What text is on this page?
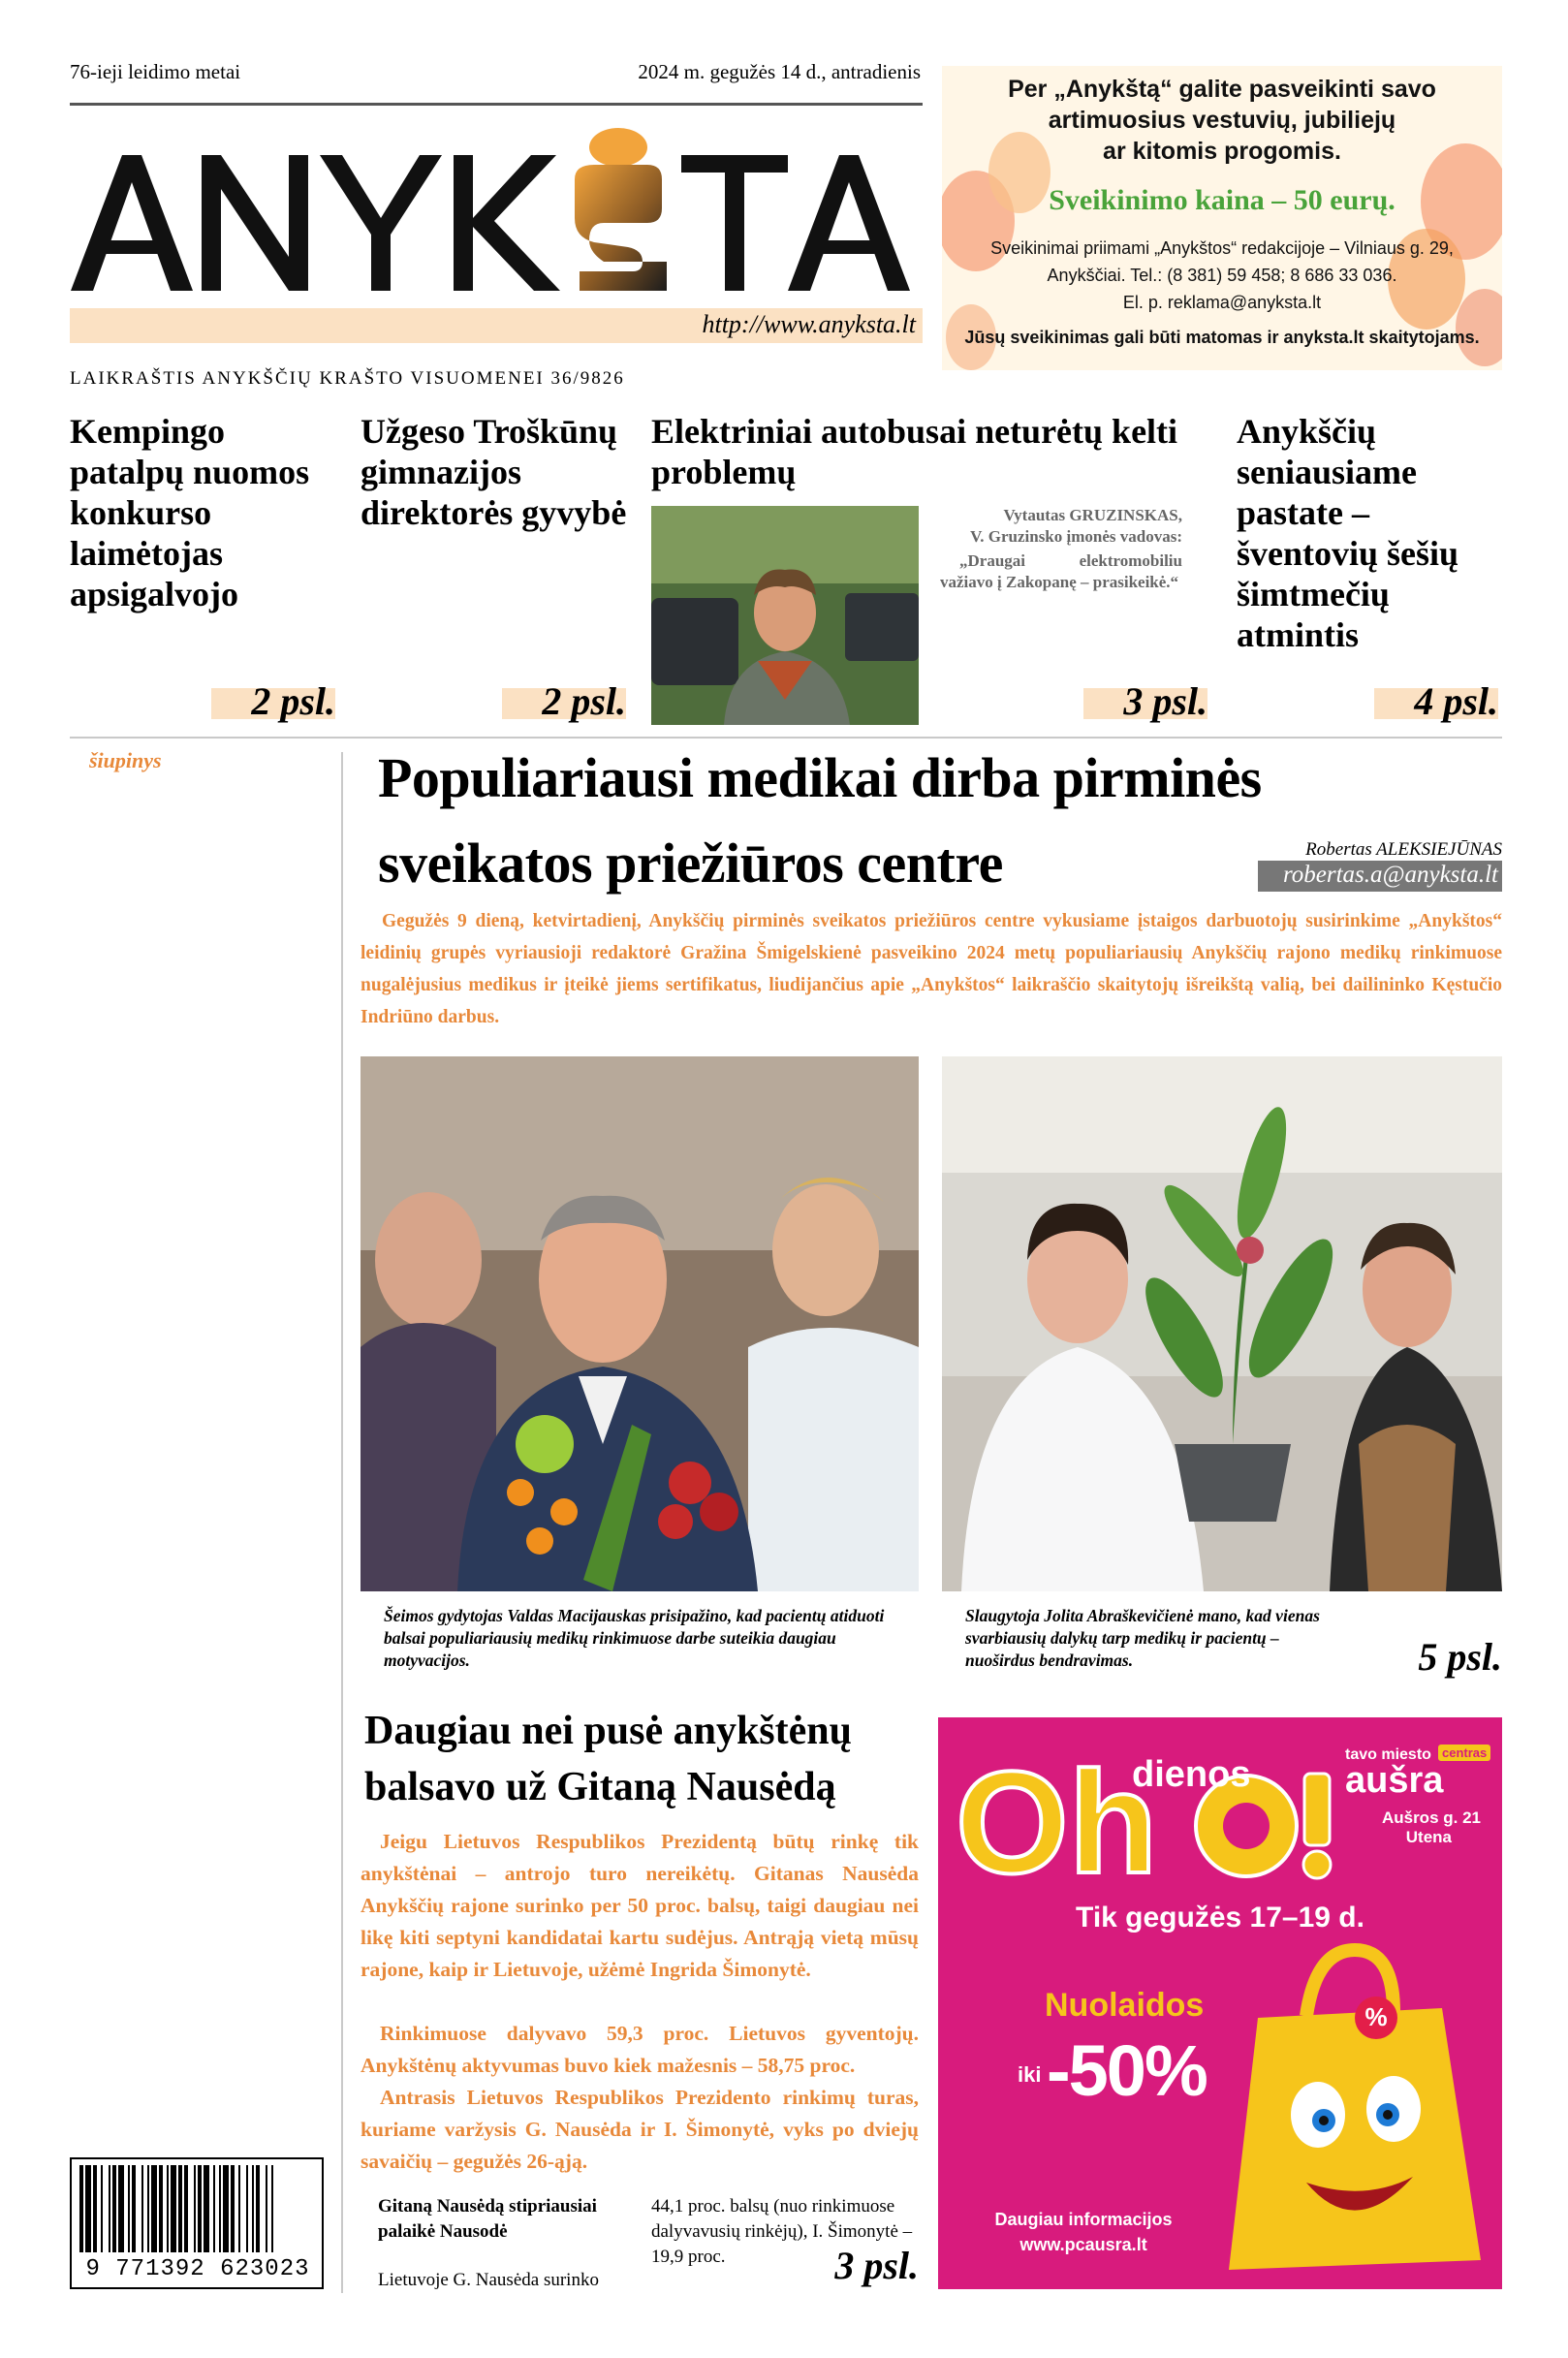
76-ieji leidimo metai	2024 m. gegužės 14 d., antradienis
http://www.anyksta.lt
LAIKRAŠTIS ANYKŠČIŲ KRAŠTO VISUOMENEI 36/9826
Per „Anykštą“ galite pasveikinti savo
artimuosius vestuvių, jubiliejų
ar kitomis progomis.
Sveikinimo kaina – 50 eurų.
Sveikinimai priimami „Anykštos“ redakcijoje – Vilniaus g. 29,
Anykščiai. Tel.: (8 381) 59 458; 8 686 33 036.
El. p. reklama@anyksta.lt
Jūsų sveikinimas gali būti matomas ir anyksta.lt skaitytojams.
Kempingo patalpų nuomos konkurso laimėtojas apsigalvojo
Užgeso Troškūnų gimnazijos direktorės gyvybė
Elektriniai autobusai neturėtų kelti problemų
Anykščių seniausiame pastate – šventovių šešių šimtmečių atmintis
Vytautas GRUZINSKAS,
V. Gruzinsko įmonės vadovas:
„Draugai elektromobiliu važiavo į Zakopanę – prasikeikė.“
2 psl.	2 psl.	3 psl.	4 psl.
šiupinys	Populiariausi medikai dirba pirminės
sveikatos priežiūros centre	Robertas ALEKSIEJŪNAS
robertas.a@anyksta.lt

Gegužės 9 dieną, ketvirtadienį, Anykščių pirminės sveikatos priežiūros centre vykusiame įstaigos darbuotojų susirinkime „Anykštos“ leidinių grupės vyriausioji redaktorė Gražina Šmigelskienė pasveikino 2024 metų populiariausių Anykščių rajono medikų rinkimuose nugalėjusius medikus ir įteikė jiems sertifikatus, liudijančius apie „Anykštos“ laikraščio skaitytojų išreikštą valią, bei dailininko Kęstučio Indriūno darbus.

Šeimos gydytojas Valdas Macijauskas prisipažino, kad pacientų atiduoti balsai populiariausių medikų rinkimuose darbe suteikia daugiau motyvacijos.

Slaugytoja Jolita Abraškevičienė mano, kad vienas svarbiausių dalykų tarp medikų ir pacientų – nuoširdus bendravimas.	5 psl.
Daugiau nei pusė anykštėnų
balsavo už Gitaną Nausėdą

Jeigu Lietuvos Respublikos Prezidentą būtų rinkę tik anykštėnai – antrojo turo nereikėtų. Gitanas Nausėda Anykščių rajone surinko per 50 proc. balsų, taigi daugiau nei likę kiti septyni kandidatai kartu sudėjus. Antrąją vietą mūsų rajone, kaip ir Lietuvoje, užėmė Ingrida Šimonytė.

Rinkimuose dalyvavo 59,3 proc. Lietuvos gyventojų. Anykštėnų aktyvumas buvo kiek mažesnis – 58,75 proc.

Antrasis Lietuvos Respublikos Prezidento rinkimų turas, kuriame varžysis G. Nausėda ir I. Šimonytė, vyks po dviejų savaičių – gegužės 26-ąją.

Gitaną Nausėdą stipriausiai palaikė Nausodė

Lietuvoje G. Nausėda surinko

44,1 proc. balsų (nuo rinkimuose dalyvavusių rinkėjų), I. Šimonytė – 19,9 proc.	3 psl.
9 771392 623023
Oh
dienos	tavo miesto centras
aušra
Aušros g. 21
Utena
Tik gegužės 17–19 d.
Nuolaidos
iki -50%
%
Daugiau informacijos
www.pcausra.lt
